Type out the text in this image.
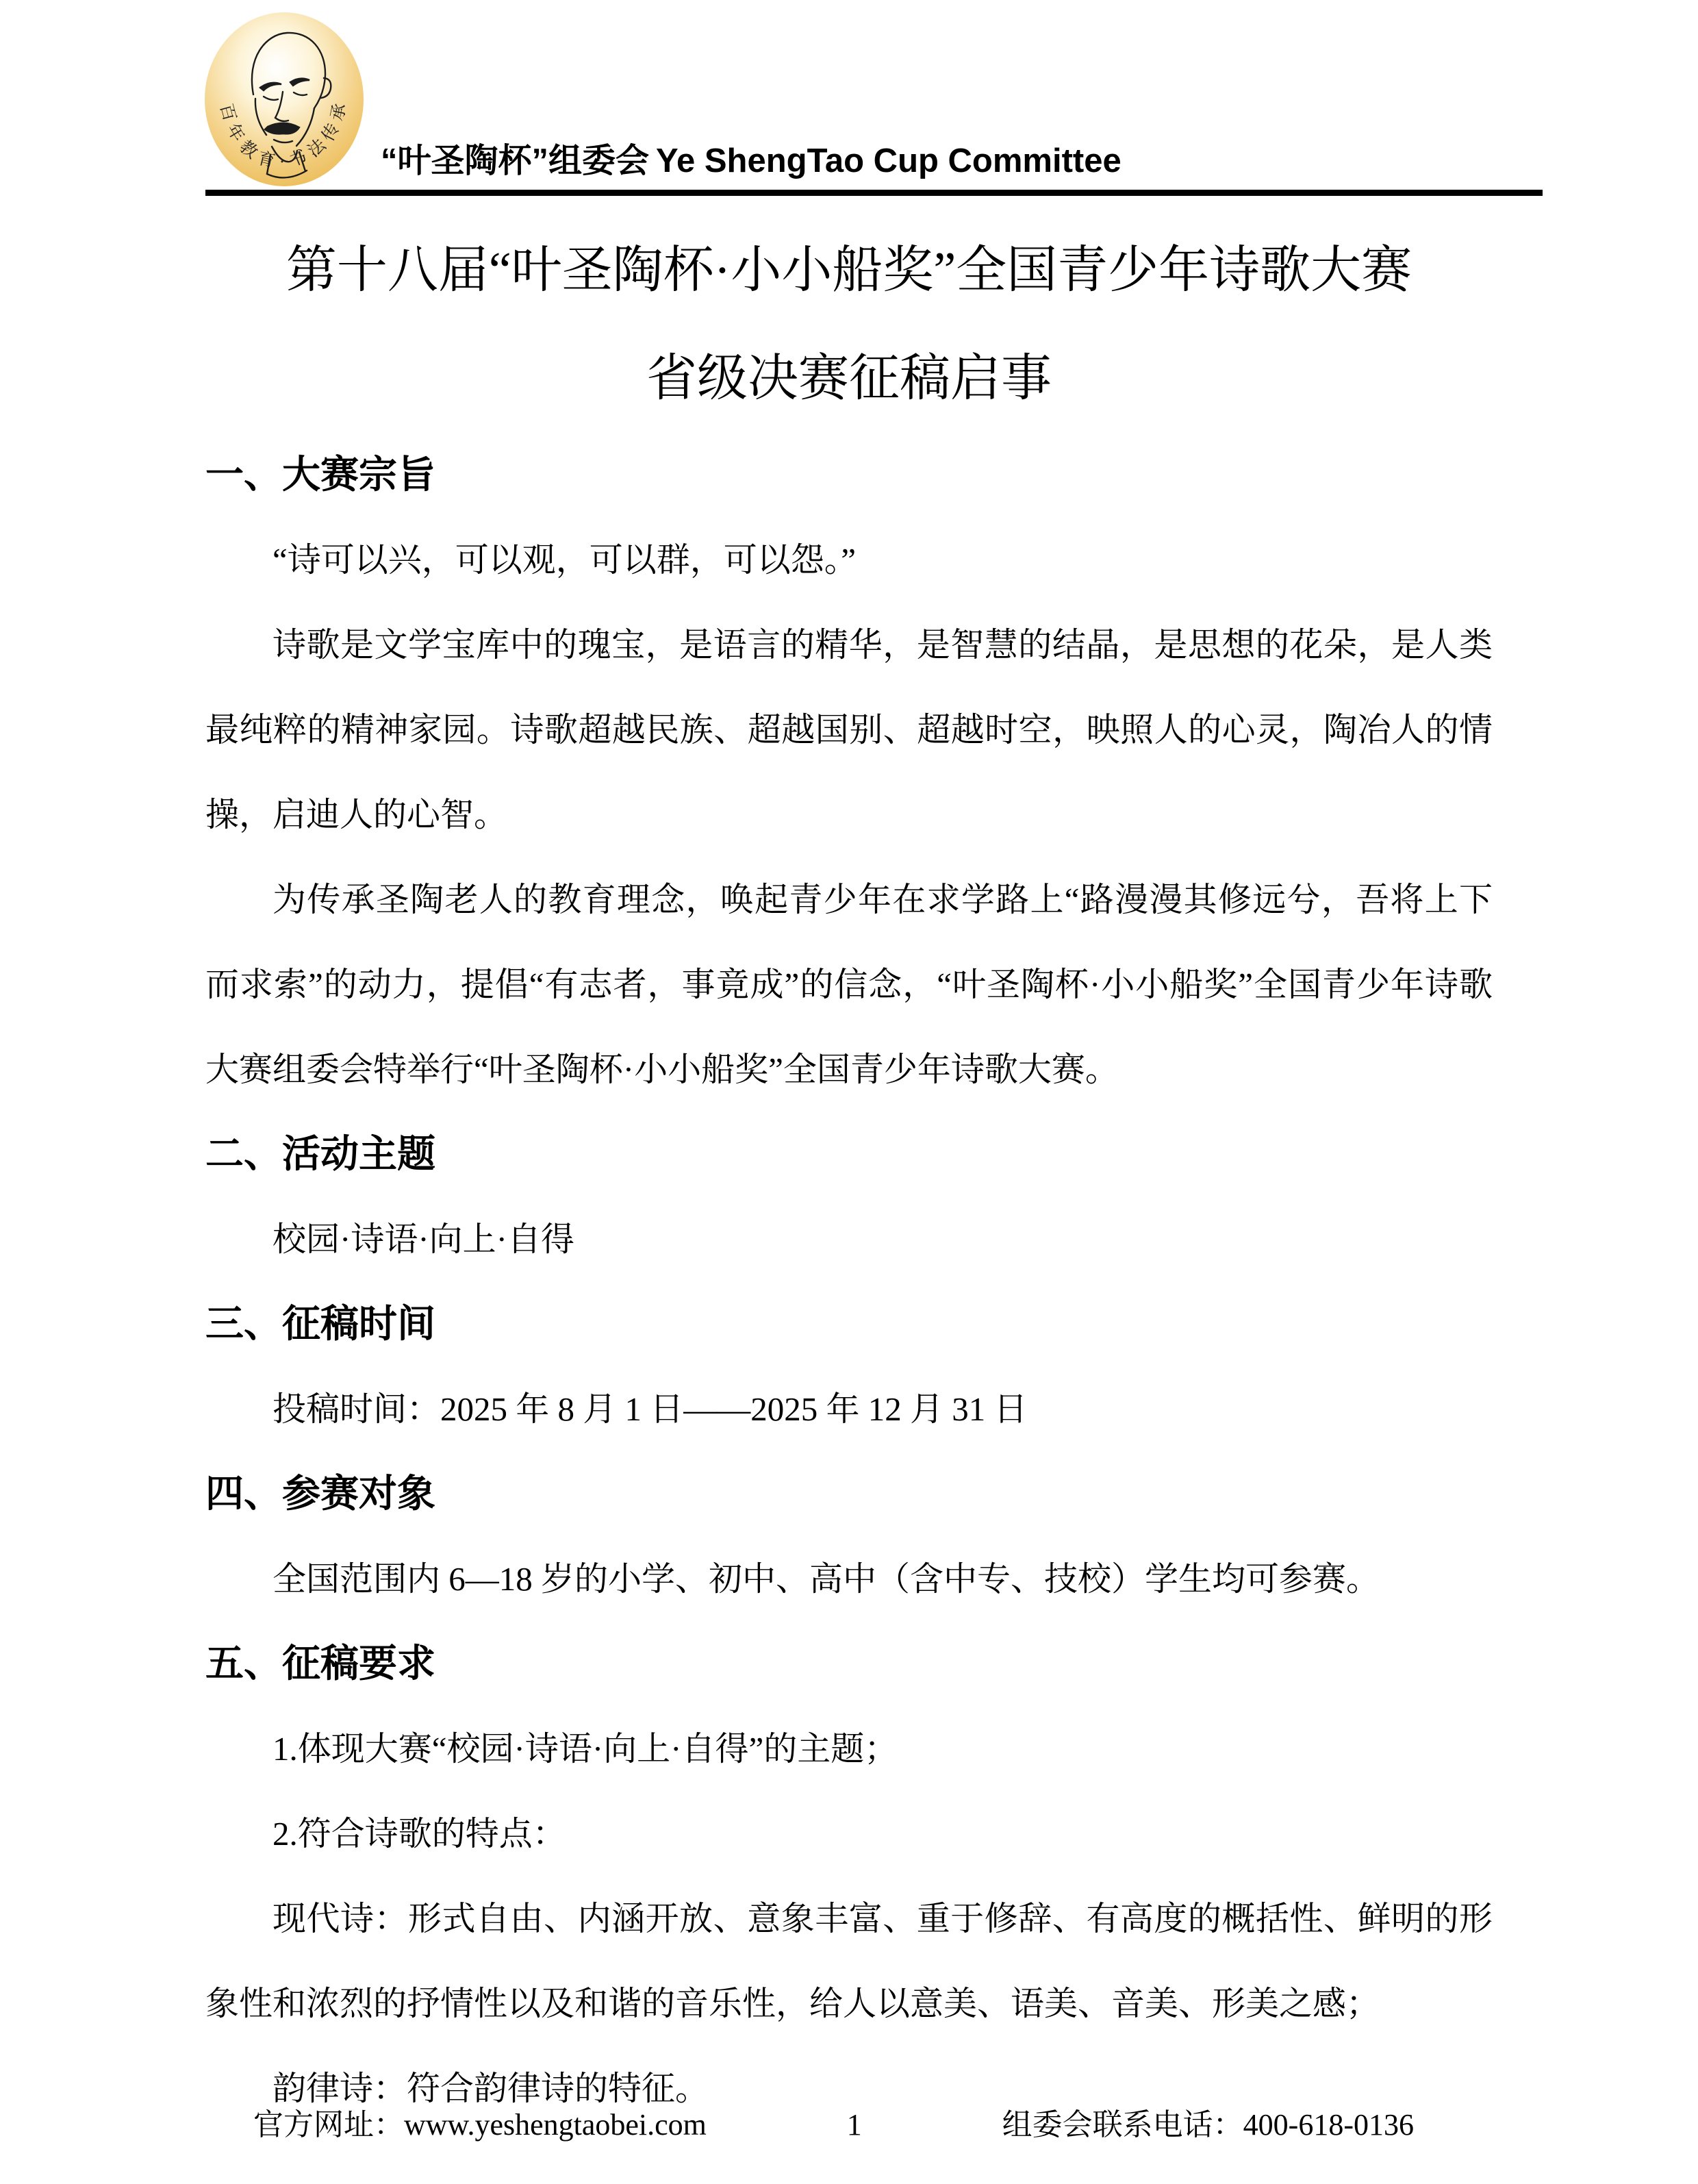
百年教育·书法传承
“叶圣陶杯”组委会 Ye ShengTao Cup Committee
第十八届“叶圣陶杯·小小船奖”全国青少年诗歌大赛
省级决赛征稿启事
一、大赛宗旨

“诗可以兴，可以观，可以群，可以怨。”

诗歌是文学宝库中的瑰宝，是语言的精华，是智慧的结晶，是思想的花朵，是人类最纯粹的精神家园。诗歌超越民族、超越国别、超越时空，映照人的心灵，陶冶人的情操，启迪人的心智。

为传承圣陶老人的教育理念，唤起青少年在求学路上“路漫漫其修远兮，吾将上下而求索”的动力，提倡“有志者，事竟成”的信念，“叶圣陶杯·小小船奖”全国青少年诗歌大赛组委会特举行“叶圣陶杯·小小船奖”全国青少年诗歌大赛。

二、活动主题

校园·诗语·向上·自得

三、征稿时间

投稿时间：2025 年 8 月 1 日——2025 年 12 月 31 日

四、参赛对象

全国范围内 6—18 岁的小学、初中、高中（含中专、技校）学生均可参赛。

五、征稿要求

1.体现大赛“校园·诗语·向上·自得”的主题；

2.符合诗歌的特点：

现代诗：形式自由、内涵开放、意象丰富、重于修辞、有高度的概括性、鲜明的形象性和浓烈的抒情性以及和谐的音乐性，给人以意美、语美、音美、形美之感；

韵律诗：符合韵律诗的特征。

官方网址：www.yeshengtaobei.com	1	组委会联系电话：400-618-0136
